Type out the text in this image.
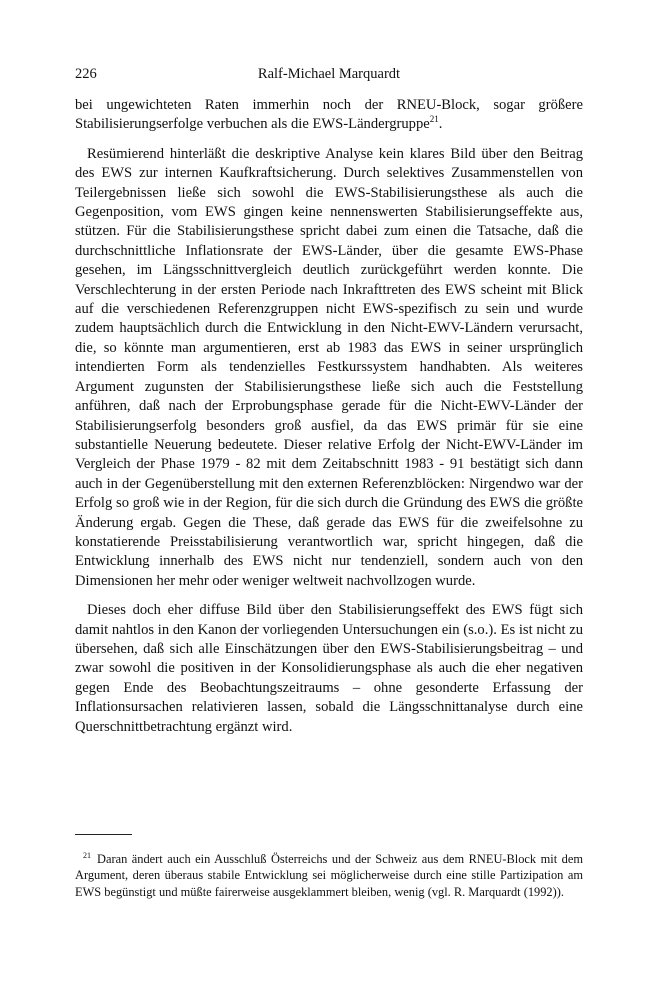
226	Ralf-Michael Marquardt

bei ungewichteten Raten immerhin noch der RNEU-Block, sogar größere Stabilisierungserfolge verbuchen als die EWS-Ländergruppe$^{21}$.

Resümierend hinterläßt die deskriptive Analyse kein klares Bild über den Beitrag des EWS zur internen Kaufkraftsicherung. Durch selektives Zusammenstellen von Teilergebnissen ließe sich sowohl die EWS-Stabilisierungsthese als auch die Gegenposition, vom EWS gingen keine nennenswerten Stabilisierungseffekte aus, stützen. Für die Stabilisierungsthese spricht dabei zum einen die Tatsache, daß die durchschnittliche Inflationsrate der EWS-Länder, über die gesamte EWS-Phase gesehen, im Längsschnittvergleich deutlich zurückgeführt werden konnte. Die Verschlechterung in der ersten Periode nach Inkrafttreten des EWS scheint mit Blick auf die verschiedenen Referenzgruppen nicht EWS-spezifisch zu sein und wurde zudem hauptsächlich durch die Entwicklung in den Nicht-EWV-Ländern verursacht, die, so könnte man argumentieren, erst ab 1983 das EWS in seiner ursprünglich intendierten Form als tendenzielles Festkurssystem handhabten. Als weiteres Argument zugunsten der Stabilisierungsthese ließe sich auch die Feststellung anführen, daß nach der Erprobungsphase gerade für die Nicht-EWV-Länder der Stabilisierungserfolg besonders groß ausfiel, da das EWS primär für sie eine substantielle Neuerung bedeutete. Dieser relative Erfolg der Nicht-EWV-Länder im Vergleich der Phase 1979 - 82 mit dem Zeitabschnitt 1983 - 91 bestätigt sich dann auch in der Gegenüberstellung mit den externen Referenzblöcken: Nirgendwo war der Erfolg so groß wie in der Region, für die sich durch die Gründung des EWS die größte Änderung ergab. Gegen die These, daß gerade das EWS für die zweifelsohne zu konstatierende Preisstabilisierung verantwortlich war, spricht hingegen, daß die Entwicklung innerhalb des EWS nicht nur tendenziell, sondern auch von den Dimensionen her mehr oder weniger weltweit nachvollzogen wurde.

Dieses doch eher diffuse Bild über den Stabilisierungseffekt des EWS fügt sich damit nahtlos in den Kanon der vorliegenden Untersuchungen ein (s.o.). Es ist nicht zu übersehen, daß sich alle Einschätzungen über den EWS-Stabilisierungsbeitrag – und zwar sowohl die positiven in der Konsolidierungsphase als auch die eher negativen gegen Ende des Beobachtungszeitraums – ohne gesonderte Erfassung der Inflationsursachen relativieren lassen, sobald die Längsschnittanalyse durch eine Querschnittbetrachtung ergänzt wird.

$^{21}$ Daran ändert auch ein Ausschluß Österreichs und der Schweiz aus dem RNEU-Block mit dem Argument, deren überaus stabile Entwicklung sei möglicherweise durch eine stille Partizipation am EWS begünstigt und müßte fairerweise ausgeklammert bleiben, wenig (vgl. R. Marquardt (1992)).
